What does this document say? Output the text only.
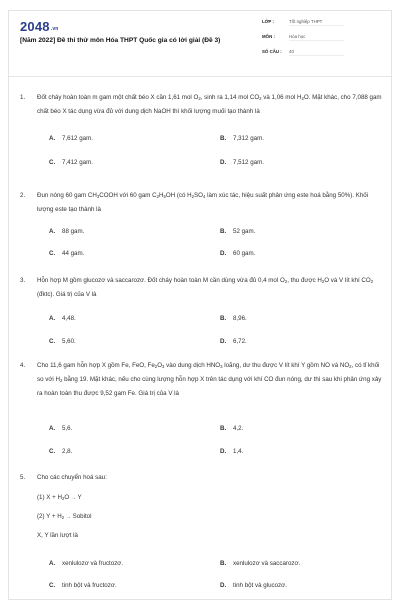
2048.vn
[Năm 2022] Đề thi thử môn Hóa THPT Quốc gia có lời giải (Đề 3)
LỚP :	Tốt nghiệp THPT
MÔN :	Hóa học
SỐ CÂU : 40
1. Đốt cháy hoàn toàn m gam một chất béo X cần 1,61 mol $O_2$, sinh ra 1,14 mol $CO_2$ và 1,06 mol $H_2O$. Mặt khác, cho 7,088 gam chất béo X tác dụng vừa đủ với dung dịch NaOH thì khối lượng muối tạo thành là
A. 7,612 gam.	B. 7,312 gam.
C. 7,412 gam.	D. 7,512 gam.
2. Đun nóng 60 gam $CH_3COOH$ với 60 gam $C_2H_5OH$ (có $H_2SO_4$ làm xúc tác, hiệu suất phản ứng este hoá bằng 50%). Khối lượng este tạo thành là
A. 88 gam.	B. 52 gam.
C. 44 gam.	D. 60 gam.
3. Hỗn hợp M gồm glucozơ và saccarozơ. Đốt cháy hoàn toàn M cần dùng vừa đủ 0,4 mol $O_2$, thu được $H_2O$ và V lít khí $CO_2$ (đktc). Giá trị của V là
A. 4,48.	B. 8,96.
C. 5,60.	D. 6,72.
4. Cho 11,6 gam hỗn hợp X gồm Fe, FeO, $Fe_2O_3$ vào dung dịch $HNO_3$ loãng, dư thu được V lít khí Y gồm NO và $NO_2$, có tỉ khối so với $H_2$ bằng 19. Mặt khác, nếu cho cùng lượng hỗn hợp X trên tác dụng với khí CO đun nóng, dư thì sau khi phản ứng xảy ra hoàn toàn thu được 9,52 gam Fe. Giá trị của V là
A. 5,6.	B. 4,2.
C. 2,8.	D. 1,4.
5. Cho các chuyển hoá sau:
(1) $X + H_2O \to Y$
(2) $Y + H_2$ → Sobitol
X, Y lần lượt là
A. xenlulozơ và fructozơ.	B. xenlulozơ và saccarozơ.
C. tinh bột và fructozơ.	D. tinh bột và glucozơ.
